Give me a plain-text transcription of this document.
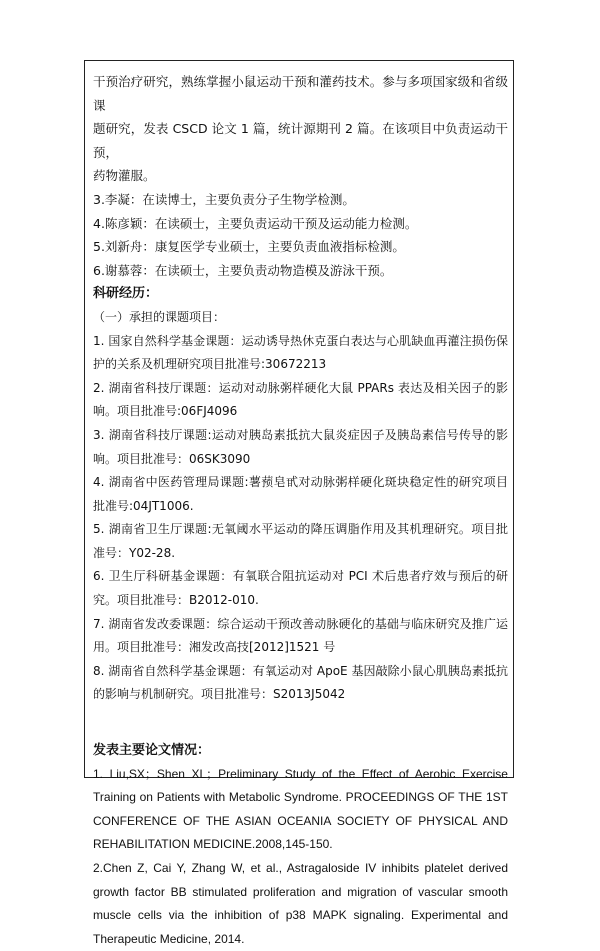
干预治疗研究，熟练掌握小鼠运动干预和灌药技术。参与多项国家级和省级课

题研究，发表 CSCD 论文 1 篇，统计源期刊 2 篇。在该项目中负责运动干预，

药物灌服。

3.李凝：在读博士，主要负责分子生物学检测。

4.陈彦颖：在读硕士，主要负责运动干预及运动能力检测。

5.刘新舟：康复医学专业硕士，主要负责血液指标检测。

6.谢慕蓉：在读硕士，主要负责动物造模及游泳干预。

科研经历：

（一）承担的课题项目：

1. 国家自然科学基金课题：运动诱导热休克蛋白表达与心肌缺血再灌注损伤保护的关系及机理研究项目批准号:30672213

2. 湖南省科技厅课题：运动对动脉粥样硬化大鼠 PPARs 表达及相关因子的影响。项目批准号:06FJ4096

3. 湖南省科技厅课题:运动对胰岛素抵抗大鼠炎症因子及胰岛素信号传导的影响。项目批准号：06SK3090

4. 湖南省中医药管理局课题:薯蓣皂甙对动脉粥样硬化斑块稳定性的研究项目批准号:04JT1006.

5. 湖南省卫生厅课题:无氧阈水平运动的降压调脂作用及其机理研究。项目批准号：Y02-28.

6. 卫生厅科研基金课题：有氧联合阻抗运动对 PCI 术后患者疗效与预后的研究。项目批准号：B2012-010.

7. 湖南省发改委课题：综合运动干预改善动脉硬化的基础与临床研究及推广运用。项目批准号：湘发改高技[2012]1521 号

8. 湖南省自然科学基金课题：有氧运动对 ApoE 基因敲除小鼠心肌胰岛素抵抗的影响与机制研究。项目批准号：S2013J5042

发表主要论文情况：

1. Liu,SX；Shen XL；Preliminary Study of the Effect of Aerobic Exercise Training on Patients with Metabolic Syndrome. PROCEEDINGS OF THE 1ST CONFERENCE OF THE ASIAN OCEANIA SOCIETY OF PHYSICAL AND REHABILITATION MEDICINE.2008,145-150.

2.Chen Z, Cai Y, Zhang W, et al., Astragaloside IV inhibits platelet derived growth factor BB stimulated proliferation and migration of vascular smooth muscle cells via the inhibition of p38 MAPK signaling. Experimental and Therapeutic Medicine, 2014.
